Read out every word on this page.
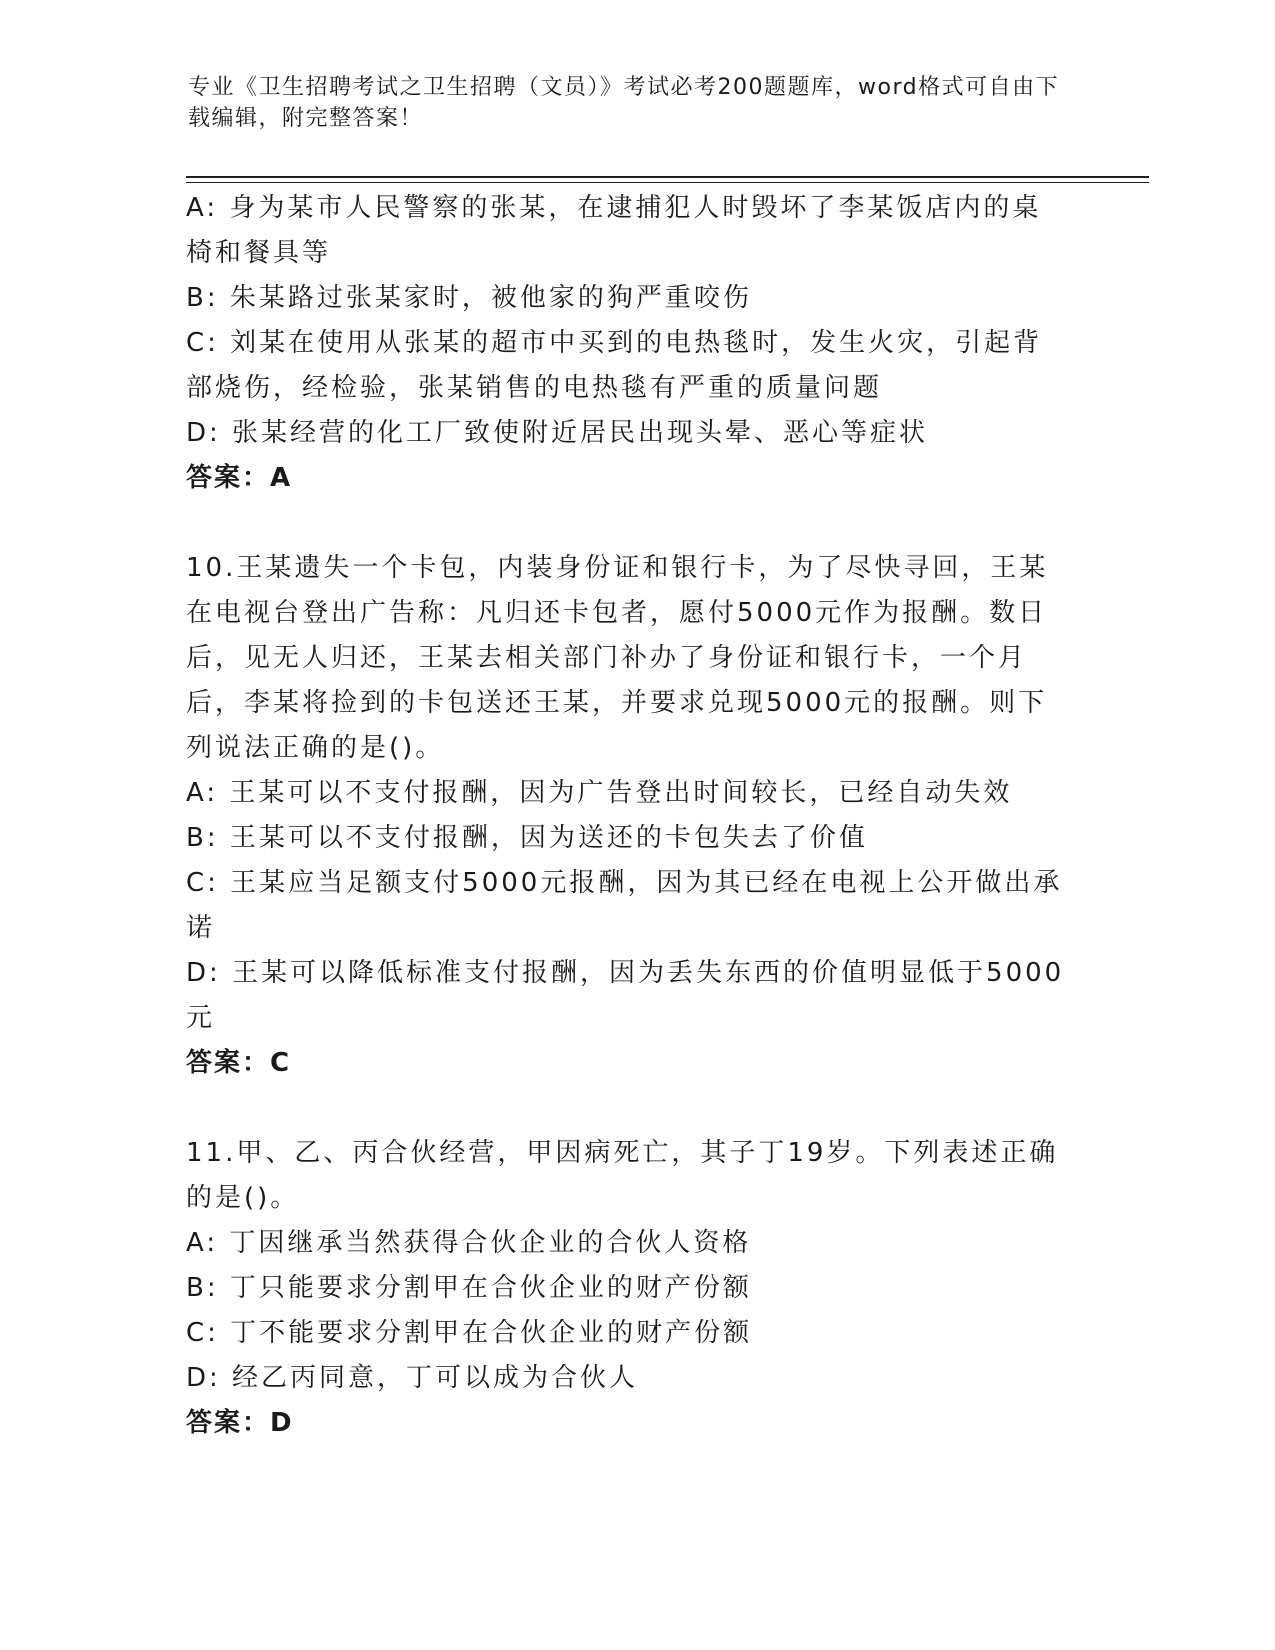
专业《卫生招聘考试之卫生招聘（文员）》考试必考200题题库，word格式可自由下载编辑，附完整答案！

A: 身为某市人民警察的张某，在逮捕犯人时毁坏了李某饭店内的桌椅和餐具等

B: 朱某路过张某家时，被他家的狗严重咬伤

C: 刘某在使用从张某的超市中买到的电热毯时，发生火灾，引起背部烧伤，经检验，张某销售的电热毯有严重的质量问题

D: 张某经营的化工厂致使附近居民出现头晕、恶心等症状

答案：A

10.王某遗失一个卡包，内装身份证和银行卡，为了尽快寻回，王某在电视台登出广告称：凡归还卡包者，愿付5000元作为报酬。数日后，见无人归还，王某去相关部门补办了身份证和银行卡，一个月后，李某将捡到的卡包送还王某，并要求兑现5000元的报酬。则下列说法正确的是()。

A: 王某可以不支付报酬，因为广告登出时间较长，已经自动失效

B: 王某可以不支付报酬，因为送还的卡包失去了价值

C: 王某应当足额支付5000元报酬，因为其已经在电视上公开做出承诺

D: 王某可以降低标准支付报酬，因为丢失东西的价值明显低于5000元

答案：C

11.甲、乙、丙合伙经营，甲因病死亡，其子丁19岁。下列表述正确的是()。

A: 丁因继承当然获得合伙企业的合伙人资格

B: 丁只能要求分割甲在合伙企业的财产份额

C: 丁不能要求分割甲在合伙企业的财产份额

D: 经乙丙同意，丁可以成为合伙人

答案：D
